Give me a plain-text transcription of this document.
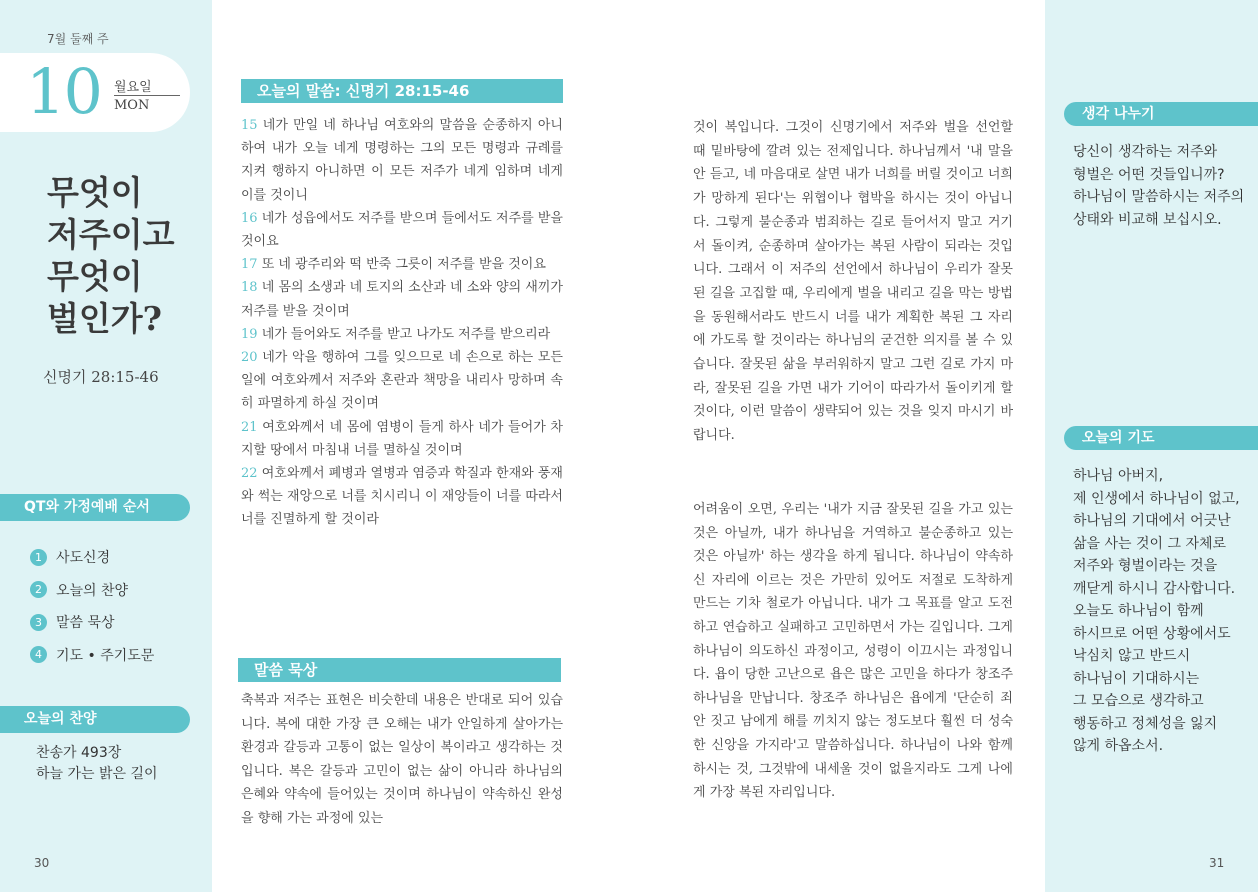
7월 둘째 주
10 월요일
MON
무엇이
저주이고
무엇이
벌인가?
신명기 28:15-46
QT와 가정예배 순서
1	사도신경
2	오늘의 찬양
3	말씀 묵상
4	기도 • 주기도문
오늘의 찬양
찬송가 493장
하늘 가는 밝은 길이
30
오늘의 말씀: 신명기 28:15-46
15 네가 만일 네 하나님 여호와의 말씀을 순종하지 아니하여 내가 오늘 네게 명령하는 그의 모든 명령과 규례를 지켜 행하지 아니하면 이 모든 저주가 네게 임하며 네게 이를 것이니
16 네가 성읍에서도 저주를 받으며 들에서도 저주를 받을 것이요
17 또 네 광주리와 떡 반죽 그릇이 저주를 받을 것이요
18 네 몸의 소생과 네 토지의 소산과 네 소와 양의 새끼가 저주를 받을 것이며
19 네가 들어와도 저주를 받고 나가도 저주를 받으리라
20 네가 악을 행하여 그를 잊으므로 네 손으로 하는 모든 일에 여호와께서 저주와 혼란과 책망을 내리사 망하며 속히 파멸하게 하실 것이며
21 여호와께서 네 몸에 염병이 들게 하사 네가 들어가 차지할 땅에서 마침내 너를 멸하실 것이며
22 여호와께서 폐병과 열병과 염증과 학질과 한재와 풍재와 썩는 재앙으로 너를 치시리니 이 재앙들이 너를 따라서 너를 진멸하게 할 것이라
말씀 묵상
축복과 저주는 표현은 비슷한데 내용은 반대로 되어 있습니다. 복에 대한 가장 큰 오해는 내가 안일하게 살아가는 환경과 갈등과 고통이 없는 일상이 복이라고 생각하는 것입니다. 복은 갈등과 고민이 없는 삶이 아니라 하나님의 은혜와 약속에 들어있는 것이며 하나님이 약속하신 완성을 향해 가는 과정에 있는
것이 복입니다. 그것이 신명기에서 저주와 벌을 선언할 때 밑바탕에 깔려 있는 전제입니다. 하나님께서 '내 말을 안 듣고, 네 마음대로 살면 내가 너희를 버릴 것이고 너희가 망하게 된다'는 위협이나 협박을 하시는 것이 아닙니다. 그렇게 불순종과 범죄하는 길로 들어서지 말고 거기서 돌이켜, 순종하며 살아가는 복된 사람이 되라는 것입니다. 그래서 이 저주의 선언에서 하나님이 우리가 잘못된 길을 고집할 때, 우리에게 벌을 내리고 길을 막는 방법을 동원해서라도 반드시 너를 내가 계획한 복된 그 자리에 가도록 할 것이라는 하나님의 굳건한 의지를 볼 수 있습니다. 잘못된 삶을 부러워하지 말고 그런 길로 가지 마라, 잘못된 길을 가면 내가 기어이 따라가서 돌이키게 할 것이다, 이런 말씀이 생략되어 있는 것을 잊지 마시기 바랍니다.
어려움이 오면, 우리는 '내가 지금 잘못된 길을 가고 있는 것은 아닐까, 내가 하나님을 거역하고 불순종하고 있는 것은 아닐까' 하는 생각을 하게 됩니다. 하나님이 약속하신 자리에 이르는 것은 가만히 있어도 저절로 도착하게 만드는 기차 철로가 아닙니다. 내가 그 목표를 알고 도전하고 연습하고 실패하고 고민하면서 가는 길입니다. 그게 하나님이 의도하신 과정이고, 성령이 이끄시는 과정입니다. 욥이 당한 고난으로 욥은 많은 고민을 하다가 창조주 하나님을 만납니다. 창조주 하나님은 욥에게 '단순히 죄 안 짓고 남에게 해를 끼치지 않는 정도보다 훨씬 더 성숙한 신앙을 가지라'고 말씀하십니다. 하나님이 나와 함께 하시는 것, 그것밖에 내세울 것이 없을지라도 그게 나에게 가장 복된 자리입니다.
생각 나누기
당신이 생각하는 저주와
형벌은 어떤 것들입니까?
하나님이 말씀하시는 저주의
상태와 비교해 보십시오.
오늘의 기도
하나님 아버지,
제 인생에서 하나님이 없고,
하나님의 기대에서 어긋난
삶을 사는 것이 그 자체로
저주와 형벌이라는 것을
깨닫게 하시니 감사합니다.
오늘도 하나님이 함께
하시므로 어떤 상황에서도
낙심치 않고 반드시
하나님이 기대하시는
그 모습으로 생각하고
행동하고 정체성을 잃지
않게 하옵소서.
31
